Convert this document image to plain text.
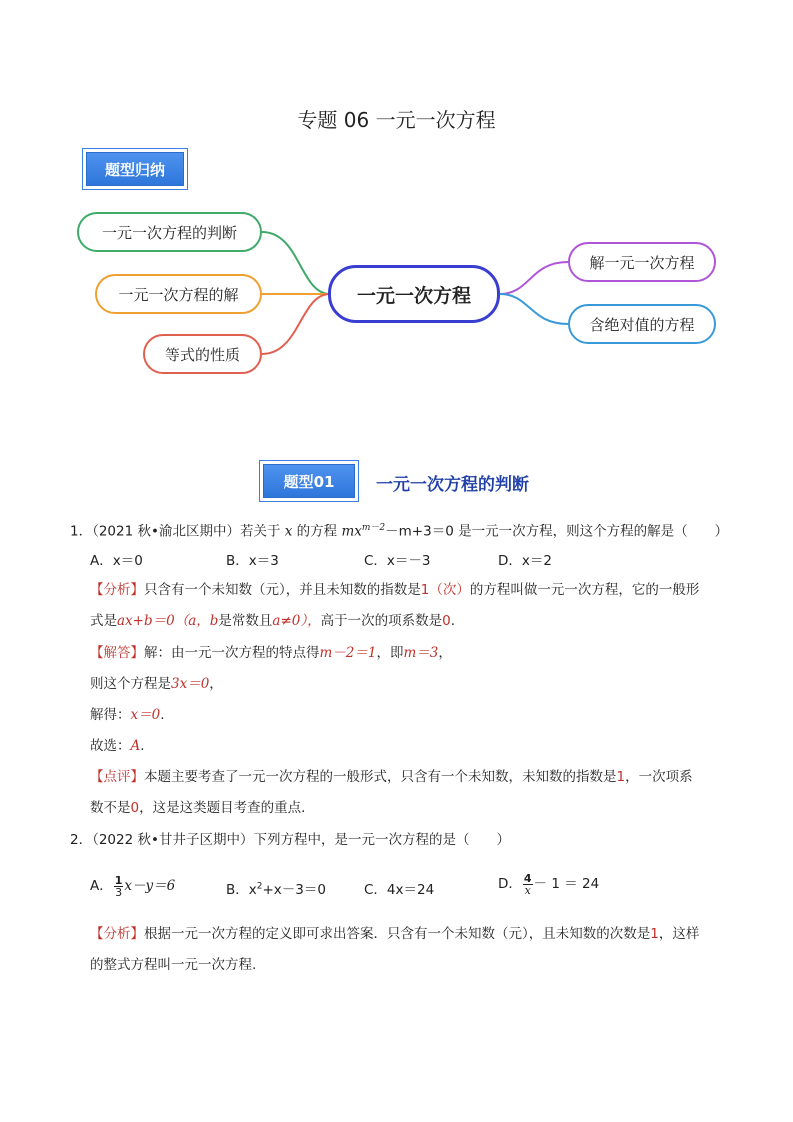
专题 06 一元一次方程
题型归纳
一元一次方程的判断
一元一次方程的解
等式的性质
一元一次方程
解一元一次方程
含绝对值的方程
题型01	一元一次方程的判断
1．（2021 秋•渝北区期中）若关于 x 的方程 $mx^{m-2}-m+3=0$ 是一元一次方程，则这个方程的解是（　　）
A．x＝0	B．x＝3	C．x＝－3	D．x＝2
【分析】只含有一个未知数（元），并且未知数的指数是1（次）的方程叫做一元一次方程，它的一般形
式是ax+b＝0（a，b是常数且a≠0），高于一次的项系数是0.
【解答】解：由一元一次方程的特点得m－2＝1，即m＝3，
则这个方程是3x＝0，
解得：x＝0.
故选：A.
【点评】本题主要考查了一元一次方程的一般形式，只含有一个未知数，未知数的指数是1，一次项系
数不是0，这是这类题目考查的重点.
2．（2022 秋•甘井子区期中）下列方程中，是一元一次方程的是（　　）
A． $\frac{1}{3} x-y=6$	B．$x^2+x-3=0$	C．4x＝24	D． $\frac{4}{x} - 1 = 24$
【分析】根据一元一次方程的定义即可求出答案．只含有一个未知数（元），且未知数的次数是1，这样
的整式方程叫一元一次方程.
